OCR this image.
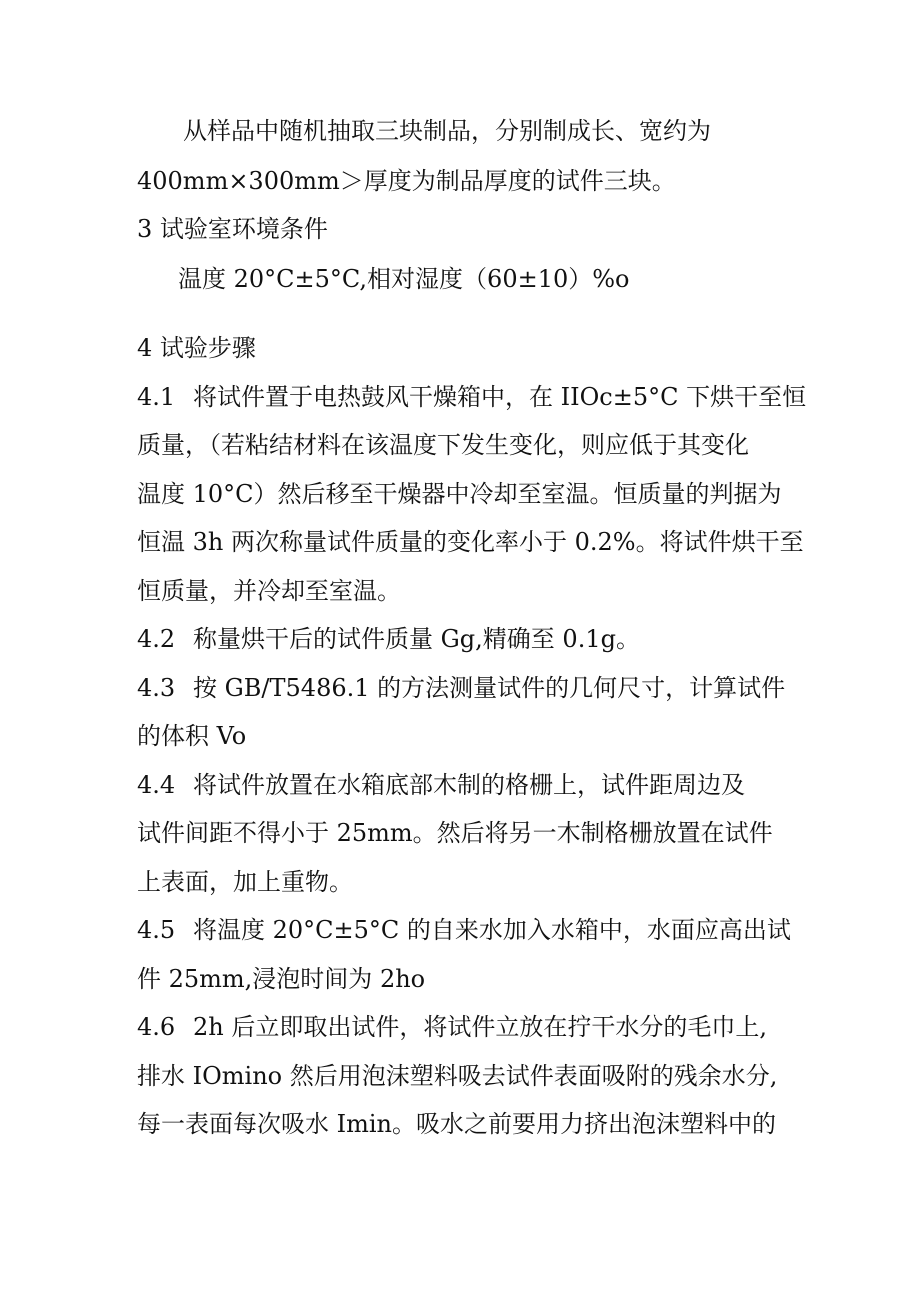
从样品中随机抽取三块制品，分别制成长、宽约为
400mm×300mm＞厚度为制品厚度的试件三块。
3 试验室环境条件
温度 20°C±5°C,相对湿度（60±10）%o
4 试验步骤
4.1 将试件置于电热鼓风干燥箱中，在 IIOc±5°C 下烘干至恒
质量，（若粘结材料在该温度下发生变化，则应低于其变化
温度 10°C）然后移至干燥器中冷却至室温。恒质量的判据为
恒温 3h 两次称量试件质量的变化率小于 0.2%。将试件烘干至
恒质量，并冷却至室温。
4.2 称量烘干后的试件质量 Gg,精确至 0.1g。
4.3 按 GB/T5486.1 的方法测量试件的几何尺寸，计算试件
的体积 Vo
4.4 将试件放置在水箱底部木制的格栅上，试件距周边及
试件间距不得小于 25mm。然后将另一木制格栅放置在试件
上表面，加上重物。
4.5 将温度 20°C±5°C 的自来水加入水箱中，水面应高出试
件 25mm,浸泡时间为 2ho
4.6 2h 后立即取出试件，将试件立放在拧干水分的毛巾上,
排水 IOmino 然后用泡沫塑料吸去试件表面吸附的残余水分,
每一表面每次吸水 Imin。吸水之前要用力挤出泡沫塑料中的
